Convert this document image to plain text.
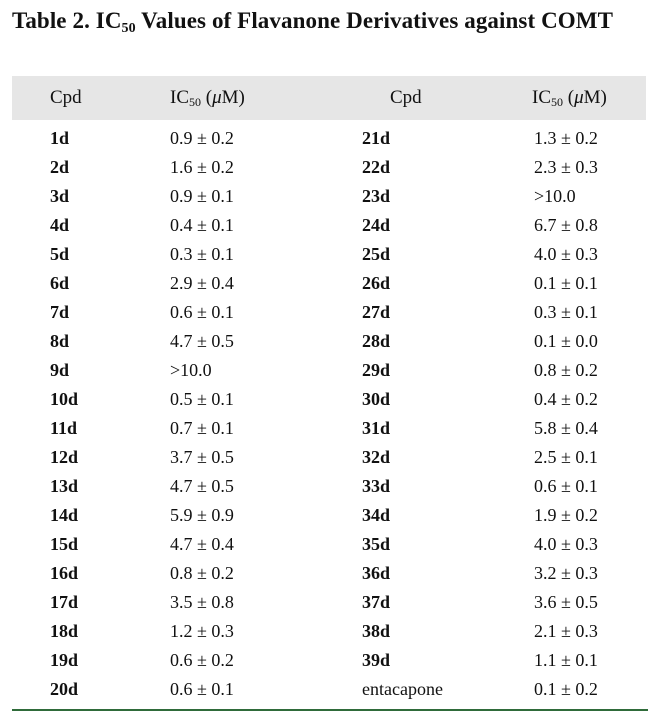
Table 2. $IC_{50}$ Values of Flavanone Derivatives against COMT
Cpd	$IC_{50}$ (μM)	Cpd	$IC_{50}$ (μM)
1d	0.9 ± 0.2	21d	1.3 ± 0.2
2d	1.6 ± 0.2	22d	2.3 ± 0.3
3d	0.9 ± 0.1	23d	>10.0
4d	0.4 ± 0.1	24d	6.7 ± 0.8
5d	0.3 ± 0.1	25d	4.0 ± 0.3
6d	2.9 ± 0.4	26d	0.1 ± 0.1
7d	0.6 ± 0.1	27d	0.3 ± 0.1
8d	4.7 ± 0.5	28d	0.1 ± 0.0
9d	>10.0	29d	0.8 ± 0.2
10d	0.5 ± 0.1	30d	0.4 ± 0.2
11d	0.7 ± 0.1	31d	5.8 ± 0.4
12d	3.7 ± 0.5	32d	2.5 ± 0.1
13d	4.7 ± 0.5	33d	0.6 ± 0.1
14d	5.9 ± 0.9	34d	1.9 ± 0.2
15d	4.7 ± 0.4	35d	4.0 ± 0.3
16d	0.8 ± 0.2	36d	3.2 ± 0.3
17d	3.5 ± 0.8	37d	3.6 ± 0.5
18d	1.2 ± 0.3	38d	2.1 ± 0.3
19d	0.6 ± 0.2	39d	1.1 ± 0.1
20d	0.6 ± 0.1	entacapone	0.1 ± 0.2
